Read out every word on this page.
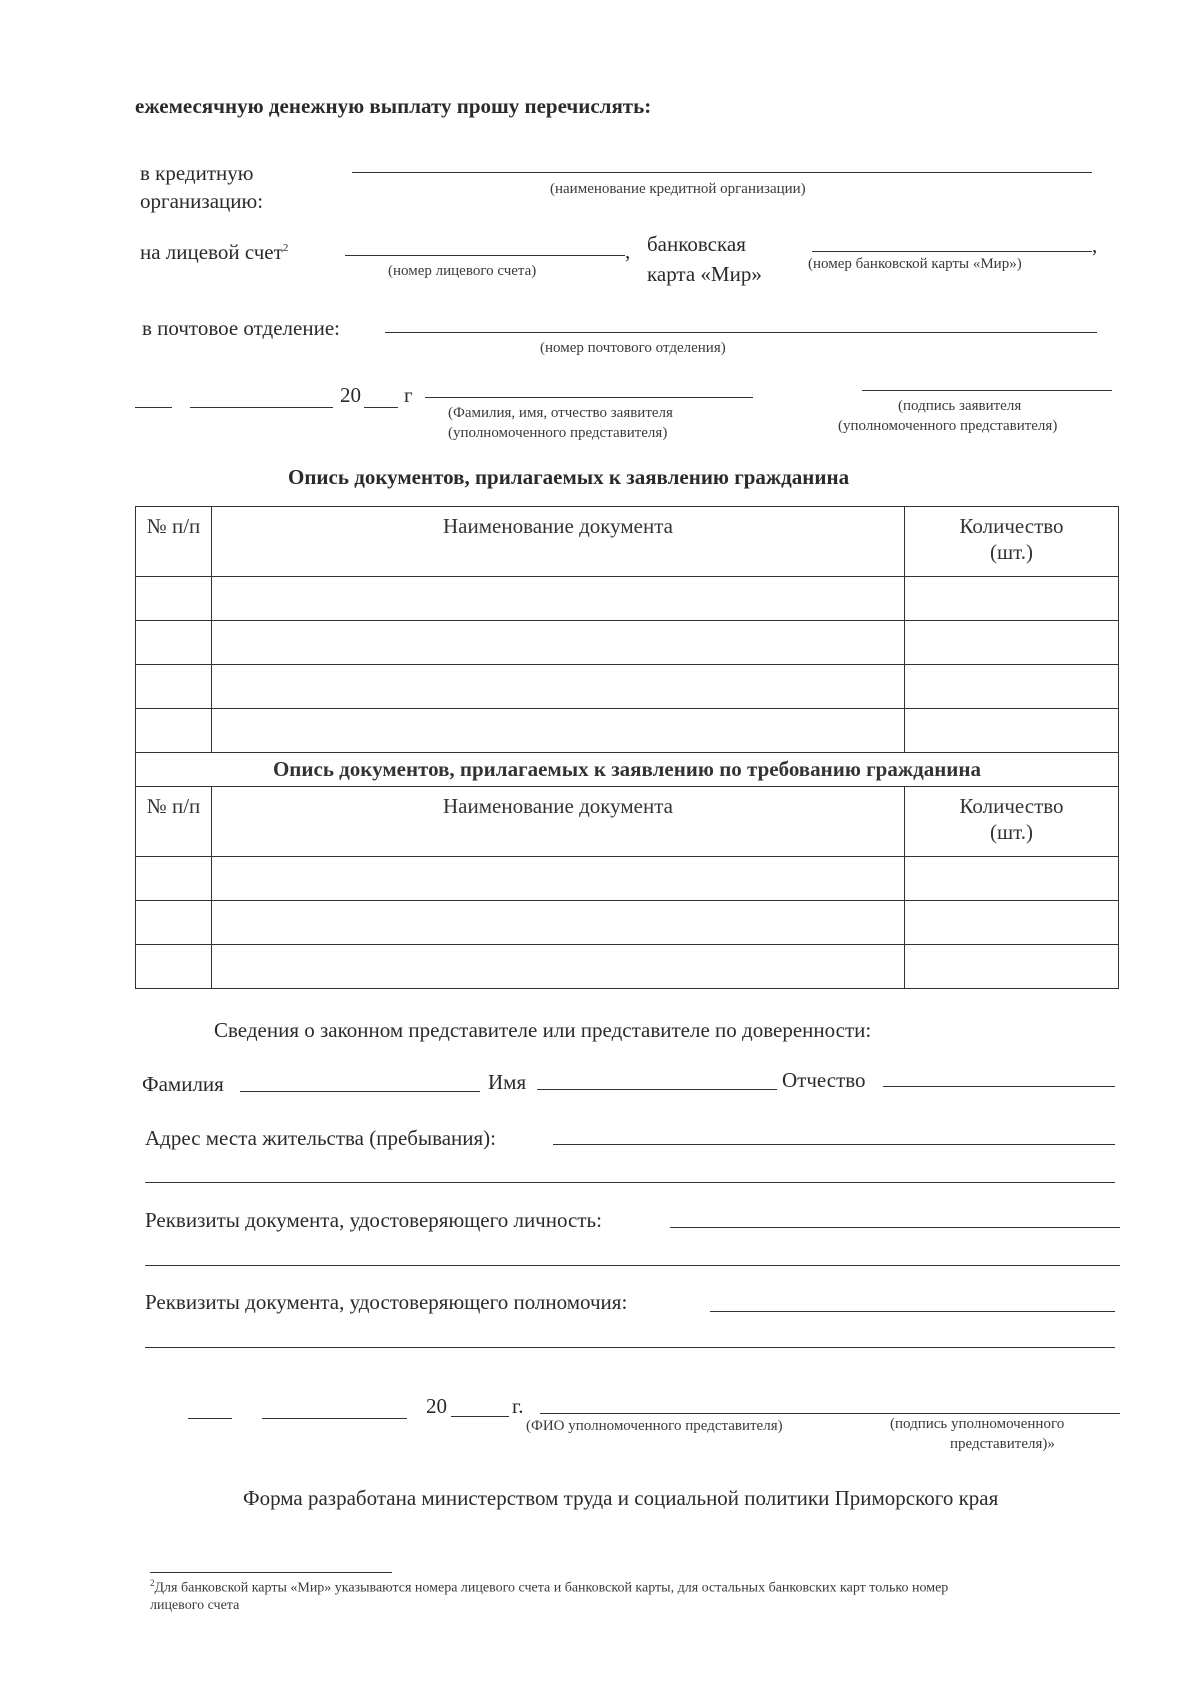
ежемесячную денежную выплату прошу перечислять:
в кредитную
организацию:	(наименование кредитной организации)
на лицевой счет$^2$	,
(номер лицевого счета)
банковская
карта «Мир»
,
(номер банковской карты «Мир»)
в почтовое отделение:
(номер почтового отделения)
20 г
(Фамилия, имя, отчество заявителя
(уполномоченного представителя)
(подпись заявителя
(уполномоченного представителя)
Опись документов, прилагаемых к заявлению гражданина
№ п/п	Наименование документа	Количество
(шт.)

Опись документов, прилагаемых к заявлению по требованию гражданина		
№ п/п	Наименование документа	Количество
(шт.)

Сведения о законном представителе или представителе по доверенности:
Фамилия	Имя	Отчество
Адрес места жительства (пребывания):
Реквизиты документа, удостоверяющего личность:
Реквизиты документа, удостоверяющего полномочия:
20	г.
(ФИО уполномоченного представителя)	(подпись уполномоченного
представителя)»
Форма разработана министерством труда и социальной политики Приморского края
$^2$Для банковской карты «Мир» указываются номера лицевого счета и банковской карты, для остальных банковских карт только номер
лицевого счета
